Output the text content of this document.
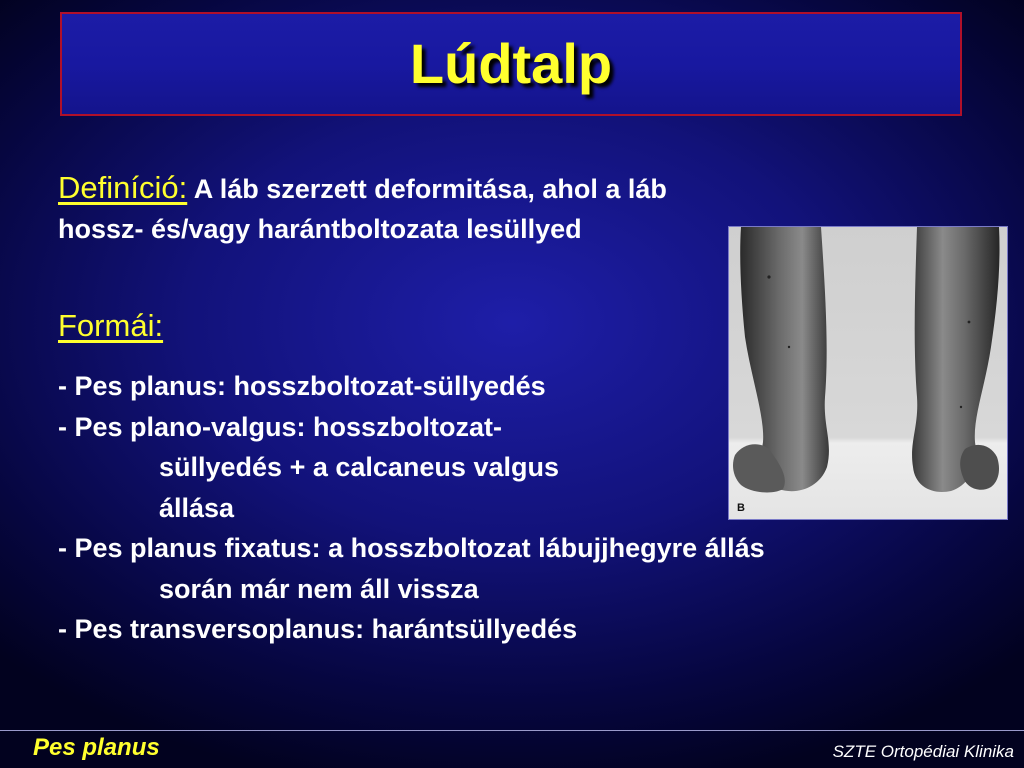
Lúdtalp
Definíció: A láb szerzett deformitása, ahol a láb
hossz- és/vagy harántboltozata lesüllyed
Formái:
- Pes planus: hosszboltozat-süllyedés
- Pes plano-valgus: hosszboltozat-
süllyedés + a calcaneus valgus
állása
- Pes planus fixatus: a hosszboltozat lábujjhegyre állás
során már nem áll vissza
- Pes transversoplanus: harántsüllyedés
B
Pes planus	SZTE Ortopédiai Klinika
